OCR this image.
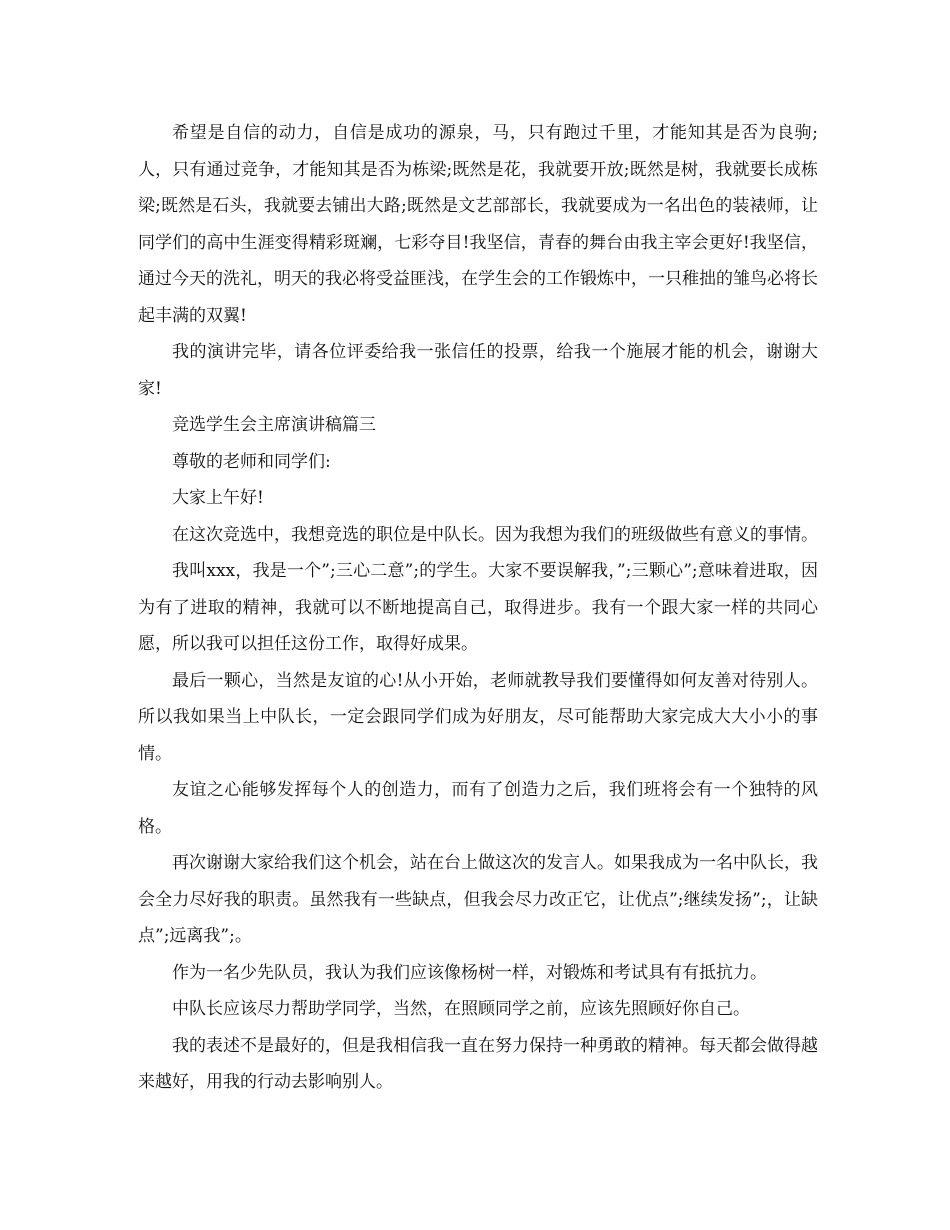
希望是自信的动力，自信是成功的源泉，马，只有跑过千里，才能知其是否为良驹;人，只有通过竞争，才能知其是否为栋梁;既然是花，我就要开放;既然是树，我就要长成栋梁;既然是石头，我就要去铺出大路;既然是文艺部部长，我就要成为一名出色的装裱师，让同学们的高中生涯变得精彩斑斓，七彩夺目!我坚信，青春的舞台由我主宰会更好!我坚信，通过今天的洗礼，明天的我必将受益匪浅，在学生会的工作锻炼中，一只稚拙的雏鸟必将长起丰满的双翼!

我的演讲完毕，请各位评委给我一张信任的投票，给我一个施展才能的机会，谢谢大家!

竞选学生会主席演讲稿篇三

尊敬的老师和同学们:

大家上午好!

在这次竞选中，我想竞选的职位是中队长。因为我想为我们的班级做些有意义的事情。

我叫xxx，我是一个”;三心二意”;的学生。大家不要误解我，”;三颗心”;意味着进取，因为有了进取的精神，我就可以不断地提高自己，取得进步。我有一个跟大家一样的共同心愿，所以我可以担任这份工作，取得好成果。

最后一颗心，当然是友谊的心!从小开始，老师就教导我们要懂得如何友善对待别人。所以我如果当上中队长，一定会跟同学们成为好朋友，尽可能帮助大家完成大大小小的事情。

友谊之心能够发挥每个人的创造力，而有了创造力之后，我们班将会有一个独特的风格。

再次谢谢大家给我们这个机会，站在台上做这次的发言人。如果我成为一名中队长，我会全力尽好我的职责。虽然我有一些缺点，但我会尽力改正它，让优点”;继续发扬”;，让缺点”;远离我”;。

作为一名少先队员，我认为我们应该像杨树一样，对锻炼和考试具有有抵抗力。

中队长应该尽力帮助学同学，当然，在照顾同学之前，应该先照顾好你自己。

我的表述不是最好的，但是我相信我一直在努力保持一种勇敢的精神。每天都会做得越来越好，用我的行动去影响别人。
